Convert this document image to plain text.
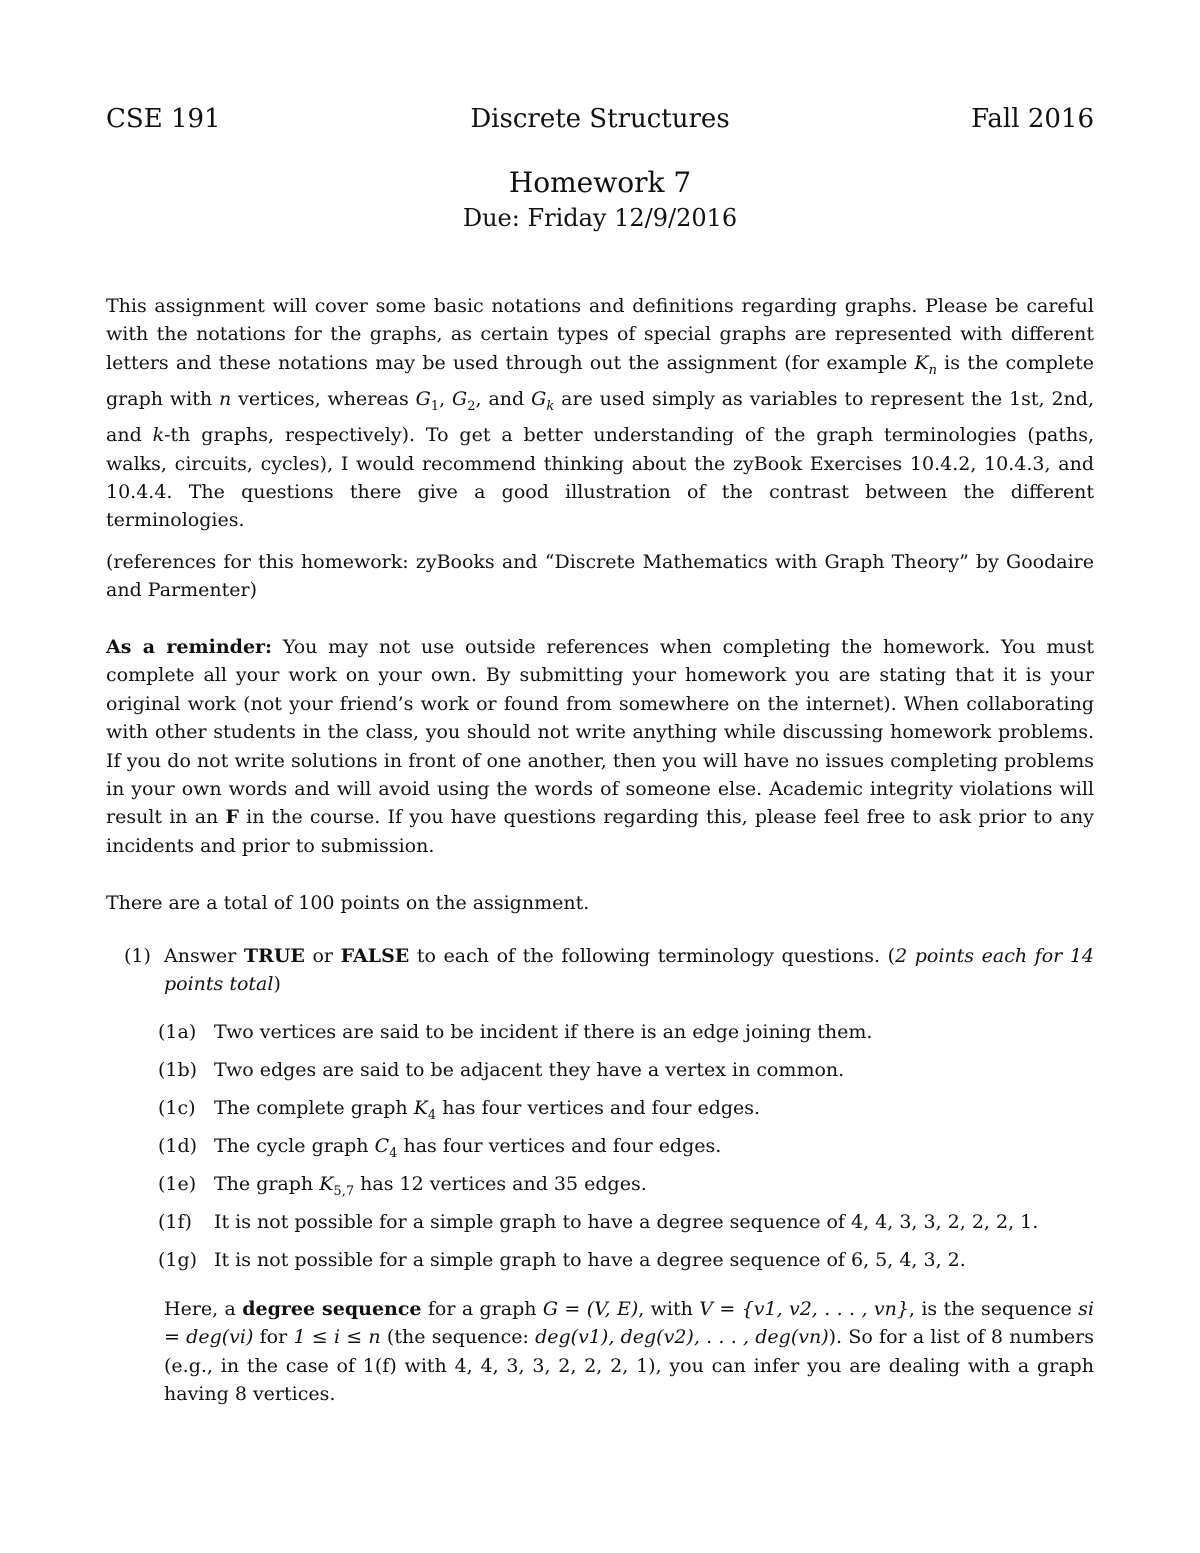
CSE 191	Discrete Structures	Fall 2016
Homework 7
Due: Friday 12/9/2016
This assignment will cover some basic notations and definitions regarding graphs. Please be careful with the notations for the graphs, as certain types of special graphs are represented with different letters and these notations may be used through out the assignment (for example $K_n$ is the complete graph with n vertices, whereas $G_1$, $G_2$, and $G_k$ are used simply as variables to represent the 1st, 2nd, and k-th graphs, respectively). To get a better understanding of the graph terminologies (paths, walks, circuits, cycles), I would recommend thinking about the zyBook Exercises 10.4.2, 10.4.3, and 10.4.4. The questions there give a good illustration of the contrast between the different terminologies.
(references for this homework: zyBooks and “Discrete Mathematics with Graph Theory” by Goodaire and Parmenter)
As a reminder: You may not use outside references when completing the homework. You must complete all your work on your own. By submitting your homework you are stating that it is your original work (not your friend’s work or found from somewhere on the internet). When collaborating with other students in the class, you should not write anything while discussing homework problems. If you do not write solutions in front of one another, then you will have no issues completing problems in your own words and will avoid using the words of someone else. Academic integrity violations will result in an F in the course. If you have questions regarding this, please feel free to ask prior to any incidents and prior to submission.
There are a total of 100 points on the assignment.
(1) Answer TRUE or FALSE to each of the following terminology questions. (2 points each for 14 points total)
(1a) Two vertices are said to be incident if there is an edge joining them.
(1b) Two edges are said to be adjacent they have a vertex in common.
(1c) The complete graph $K_4$ has four vertices and four edges.
(1d) The cycle graph $C_4$ has four vertices and four edges.
(1e) The graph $K_{5,7}$ has 12 vertices and 35 edges.
(1f) It is not possible for a simple graph to have a degree sequence of 4, 4, 3, 3, 2, 2, 2, 1.
(1g) It is not possible for a simple graph to have a degree sequence of 6, 5, 4, 3, 2.
Here, a degree sequence for a graph G = (V, E), with V = {v1, v2, . . . , vn}, is the sequence si = deg(vi) for 1 ≤ i ≤ n (the sequence: deg(v1), deg(v2), . . . , deg(vn)). So for a list of 8 numbers (e.g., in the case of 1(f) with 4, 4, 3, 3, 2, 2, 2, 1), you can infer you are dealing with a graph having 8 vertices.
